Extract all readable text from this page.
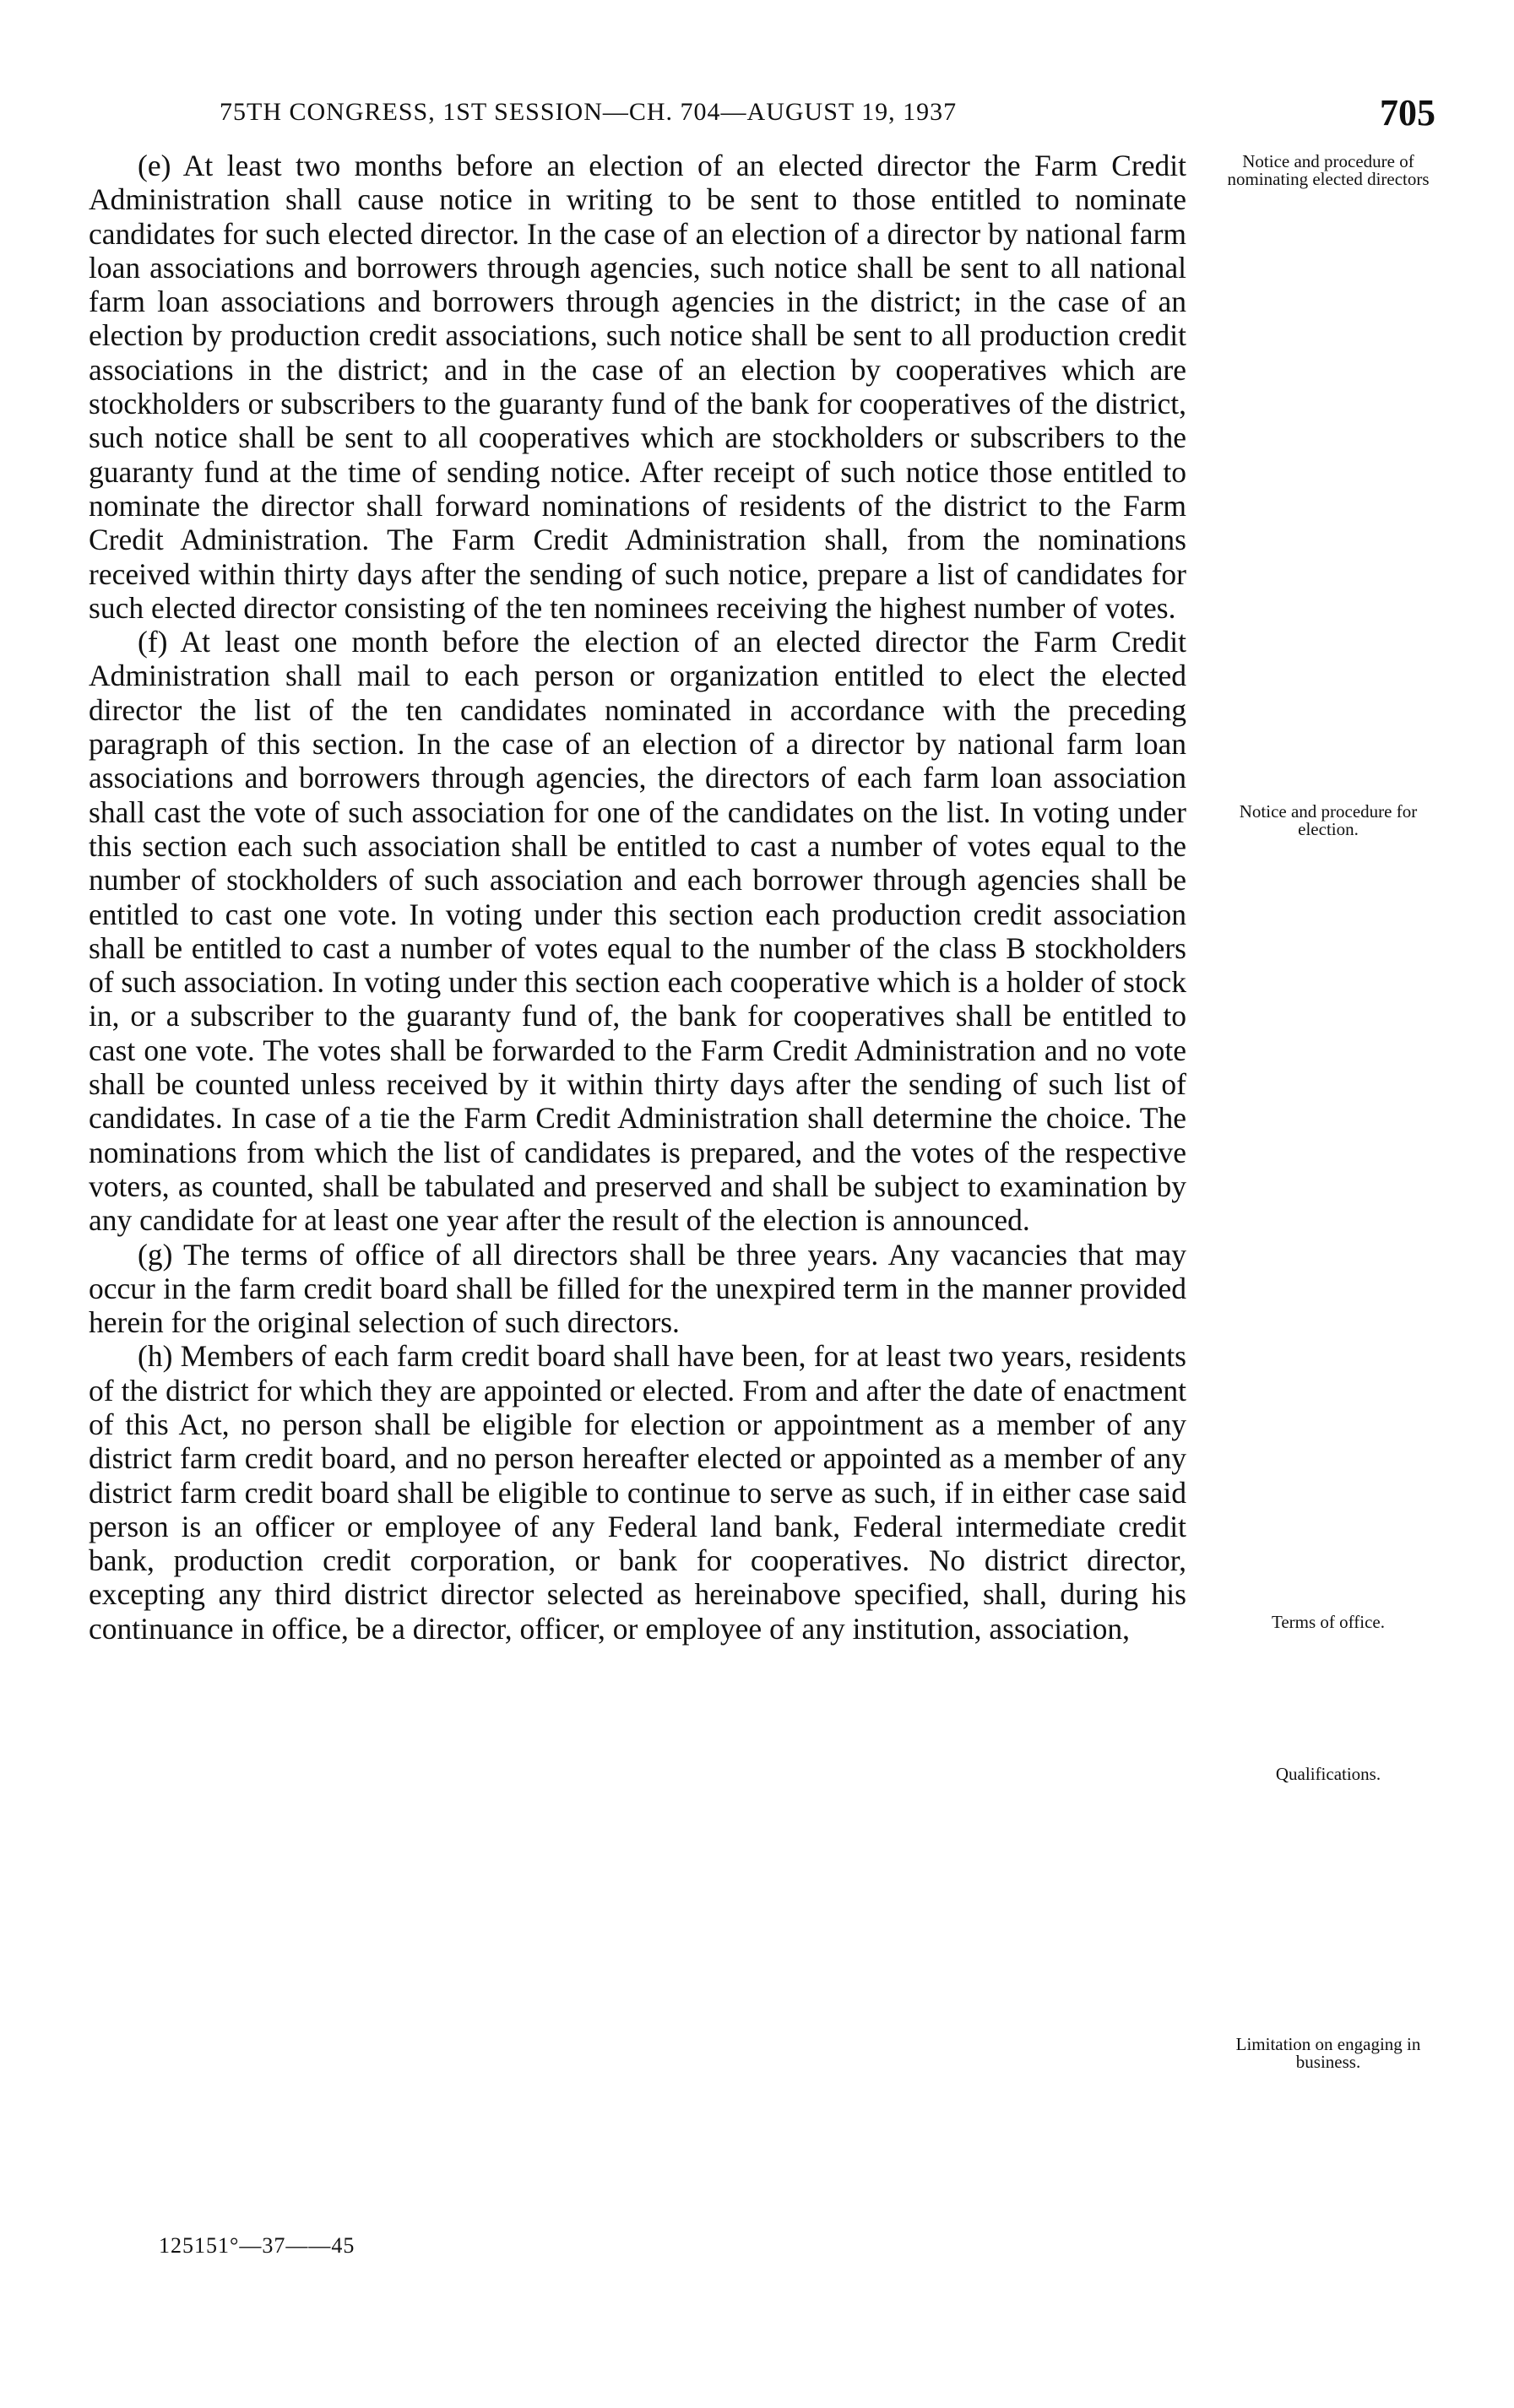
75TH CONGRESS, 1ST SESSION—CH. 704—AUGUST 19, 1937	705

(e) At least two months before an election of an elected director the Farm Credit Administration shall cause notice in writing to be sent to those entitled to nominate candidates for such elected director. In the case of an election of a director by national farm loan associations and borrowers through agencies, such notice shall be sent to all national farm loan associations and borrowers through agencies in the district; in the case of an election by production credit associations, such notice shall be sent to all production credit associations in the district; and in the case of an election by cooperatives which are stockholders or subscribers to the guaranty fund of the bank for cooperatives of the district, such notice shall be sent to all cooperatives which are stockholders or subscribers to the guaranty fund at the time of sending notice. After receipt of such notice those entitled to nominate the director shall forward nominations of residents of the district to the Farm Credit Administration. The Farm Credit Administration shall, from the nominations received within thirty days after the sending of such notice, prepare a list of candidates for such elected director consisting of the ten nominees receiving the highest number of votes.

(f) At least one month before the election of an elected director the Farm Credit Administration shall mail to each person or organization entitled to elect the elected director the list of the ten candidates nominated in accordance with the preceding paragraph of this section. In the case of an election of a director by national farm loan associations and borrowers through agencies, the directors of each farm loan association shall cast the vote of such association for one of the candidates on the list. In voting under this section each such association shall be entitled to cast a number of votes equal to the number of stockholders of such association and each borrower through agencies shall be entitled to cast one vote. In voting under this section each production credit association shall be entitled to cast a number of votes equal to the number of the class B stockholders of such association. In voting under this section each cooperative which is a holder of stock in, or a subscriber to the guaranty fund of, the bank for cooperatives shall be entitled to cast one vote. The votes shall be forwarded to the Farm Credit Administration and no vote shall be counted unless received by it within thirty days after the sending of such list of candidates. In case of a tie the Farm Credit Administration shall determine the choice. The nominations from which the list of candidates is prepared, and the votes of the respective voters, as counted, shall be tabulated and preserved and shall be subject to examination by any candidate for at least one year after the result of the election is announced.

(g) The terms of office of all directors shall be three years. Any vacancies that may occur in the farm credit board shall be filled for the unexpired term in the manner provided herein for the original selection of such directors.

(h) Members of each farm credit board shall have been, for at least two years, residents of the district for which they are appointed or elected. From and after the date of enactment of this Act, no person shall be eligible for election or appointment as a member of any district farm credit board, and no person hereafter elected or appointed as a member of any district farm credit board shall be eligible to continue to serve as such, if in either case said person is an officer or employee of any Federal land bank, Federal intermediate credit bank, production credit corporation, or bank for cooperatives. No district director, excepting any third district director selected as hereinabove specified, shall, during his continuance in office, be a director, officer, or employee of any institution, association,

Notice and procedure of nominating elected directors
Notice and procedure for election.
Terms of office.
Qualifications.
Limitation on engaging in business.
125151°—37——45
